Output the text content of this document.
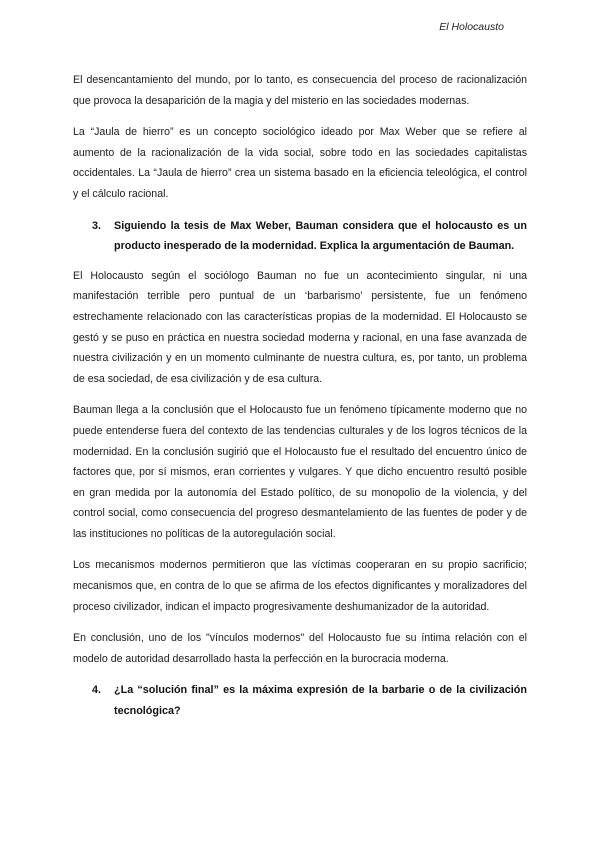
El Holocausto

El desencantamiento del mundo, por lo tanto, es consecuencia del proceso de racionalización que provoca la desaparición de la magia y del misterio en las sociedades modernas.

La “Jaula de hierro” es un concepto sociológico ideado por Max Weber que se refiere al aumento de la racionalización de la vida social, sobre todo en las sociedades capitalistas occidentales. La “Jaula de hierro” crea un sistema basado en la eficiencia teleológica, el control y el cálculo racional.

3.	Siguiendo la tesis de Max Weber, Bauman considera que el holocausto es un producto inesperado de la modernidad. Explica la argumentación de Bauman.

El Holocausto según el sociólogo Bauman no fue un acontecimiento singular, ni una manifestación terrible pero puntual de un ‘barbarismo’ persistente, fue un fenómeno estrechamente relacionado con las características propias de la modernidad. El Holocausto se gestó y se puso en práctica en nuestra sociedad moderna y racional, en una fase avanzada de nuestra civilización y en un momento culminante de nuestra cultura, es, por tanto, un problema de esa sociedad, de esa civilización y de esa cultura.

Bauman llega a la conclusión que el Holocausto fue un fenómeno típicamente moderno que no puede entenderse fuera del contexto de las tendencias culturales y de los logros técnicos de la modernidad. En la conclusión sugirió que el Holocausto fue el resultado del encuentro único de factores que, por sí mismos, eran corrientes y vulgares. Y que dicho encuentro resultó posible en gran medida por la autonomía del Estado político, de su monopolio de la violencia, y del control social, como consecuencia del progreso desmantelamiento de las fuentes de poder y de las instituciones no políticas de la autoregulación social.

Los mecanismos modernos permitieron que las víctimas cooperaran en su propio sacrificio; mecanismos que, en contra de lo que se afirma de los efectos dignificantes y moralizadores del proceso civilizador, indican el impacto progresivamente deshumanizador de la autoridad.

En conclusión, uno de los "vínculos modernos" del Holocausto fue su íntima relación con el modelo de autoridad desarrollado hasta la perfección en la burocracia moderna.

4.	¿La “solución final” es la máxima expresión de la barbarie o de la civilización tecnológica?
